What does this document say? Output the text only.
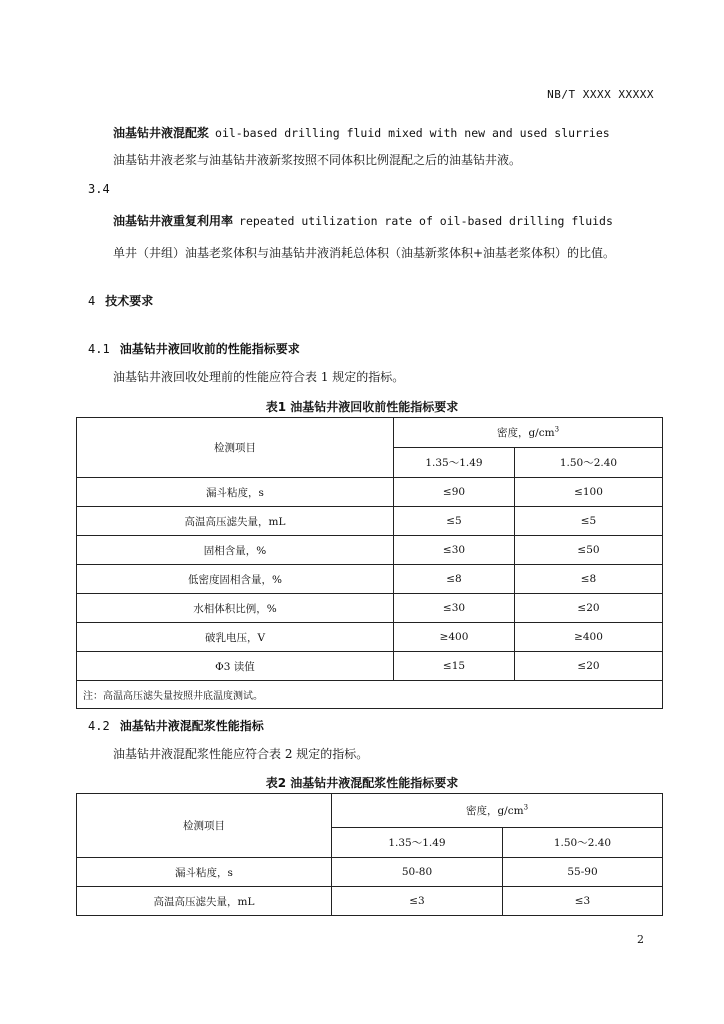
NB/T XXXX XXXXX
油基钻井液混配浆 oil-based drilling fluid mixed with new and used slurries
油基钻井液老浆与油基钻井液新浆按照不同体积比例混配之后的油基钻井液。
3.4
油基钻井液重复利用率 repeated utilization rate of oil-based drilling fluids
单井（井组）油基老浆体积与油基钻井液消耗总体积（油基新浆体积+油基老浆体积）的比值。
4 技术要求
4.1 油基钻井液回收前的性能指标要求
油基钻井液回收处理前的性能应符合表 1 规定的指标。
表1 油基钻井液回收前性能指标要求
检测项目	密度，$g/cm^3$
	1.35～1.49	1.50～2.40
漏斗粘度，s	≤90	≤100
高温高压滤失量，mL	≤5	≤5
固相含量，%	≤30	≤50
低密度固相含量，%	≤8	≤8
水相体积比例，%	≤30	≤20
破乳电压，V	≥400	≥400
Φ3 读值	≤15	≤20
注：高温高压滤失量按照井底温度测试。		
4.2 油基钻井液混配浆性能指标
油基钻井液混配浆性能应符合表 2 规定的指标。
表2 油基钻井液混配浆性能指标要求
检测项目	密度，$g/cm^3$
	1.35～1.49	1.50～2.40
漏斗粘度，s	50-80	55-90
高温高压滤失量，mL	≤3	≤3
2
